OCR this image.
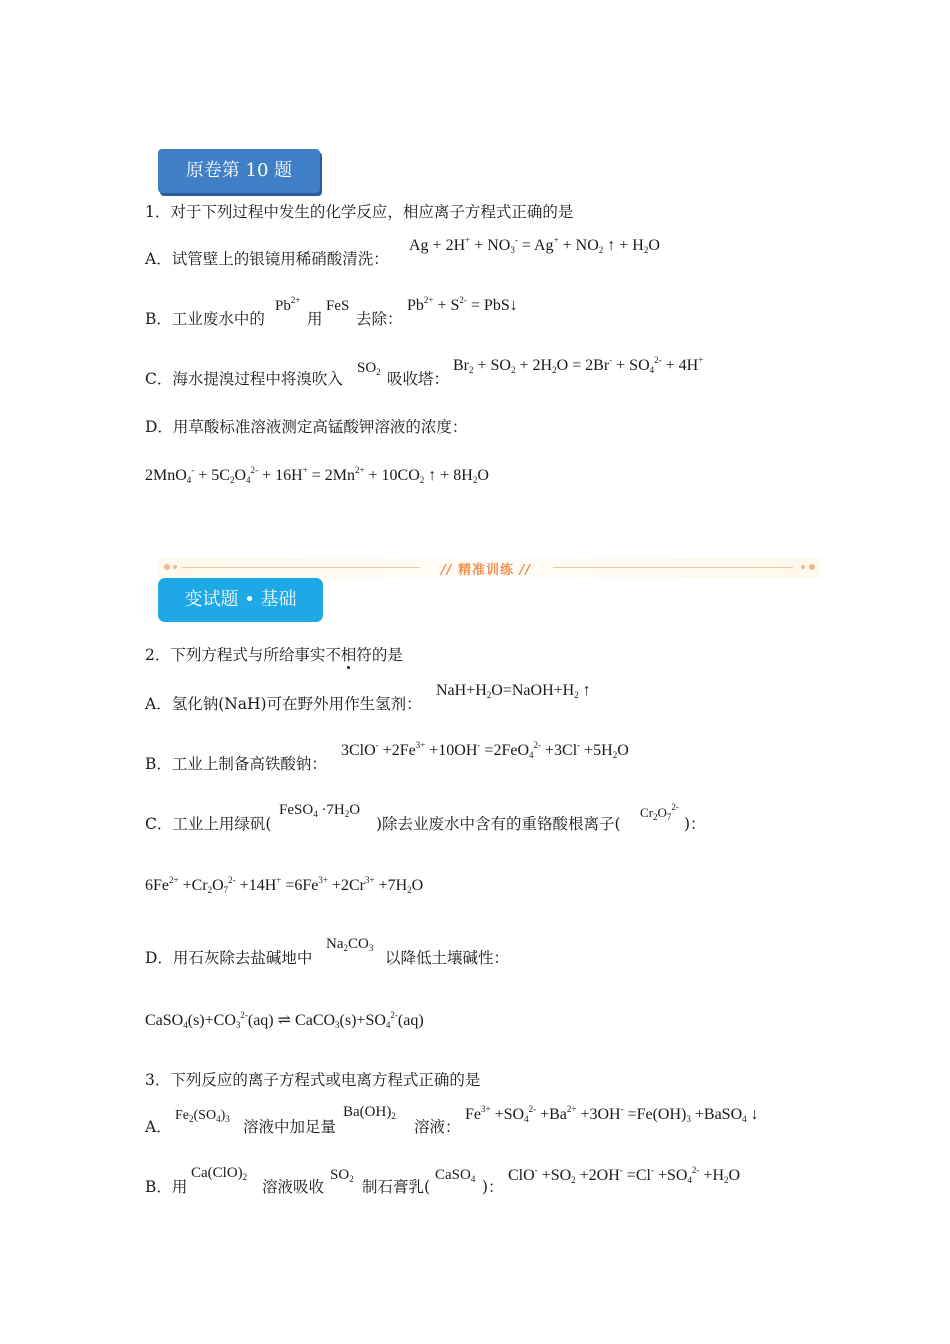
原卷第 10 题
1．对于下列过程中发生的化学反应，相应离子方程式正确的是
A．试管壁上的银镜用稀硝酸清洗：
$Ag + 2H^+ + NO_3^- = Ag^+ + NO_2$ ↑ + $H_2O$
B．工业废水中的
$Pb^{2+}$
用
FeS
去除：
$Pb^{2+} + S^{2-}$ = PbS↓
C．海水提溴过程中将溴吹入
$SO_2$ 吸收塔：
$Br_2 + SO_2 + 2H_2O = 2Br^- + SO_4^{2-} + 4H^+$
D．用草酸标准溶液测定高锰酸钾溶液的浓度：
$2MnO_4^- + 5C_2O_4^{2-} + 16H^+ = 2Mn^{2+} + 10CO_2$ ↑ + $8H_2O$
// 精准训练 //
变试题 • 基础
2．下列方程式与所给事实不相符的是
A．氢化钠(NaH)可在野外用作生氢剂：
$NaH+H_2O=NaOH+H_2$ ↑
B．工业上制备高铁酸钠：
$3ClO^- +2Fe^{3+} +10OH^- =2FeO_4^{2-} +3Cl^- +5H_2O$
C．工业上用绿矾(
FeSO$_4$ $\cdot 7H_2O$
)除去业废水中含有的重铬酸根离子(
$Cr_2O_7^{2-}$
)：
$6Fe^{2+} +Cr_2O_7^{2-} +14H^+ =6Fe^{3+} +2Cr^{3+} +7H_2O$
D．用石灰除去盐碱地中
$Na_2CO_3$
以降低土壤碱性：
$CaSO_4(s)+CO_3^{2-}(aq)$ ⇌ $CaCO_3(s)+SO_4^{2-}(aq)$
3．下列反应的离子方程式或电离方程式正确的是
A．
$Fe_2(SO_4)_3$ 溶液中加足量
$Ba(OH)_2$
溶液：
$Fe^{3+} +SO_4^{2-} +Ba^{2+} +3OH^- =Fe(OH)_3$ +BaSO$_4$ ↓
B．用
$Ca(ClO)_2$
溶液吸收
$SO_2$ 制石膏乳(
CaSO$_4$ )：
$ClO^- +SO_2 +2OH^- =Cl^- +SO_4^{2-} +H_2O$
